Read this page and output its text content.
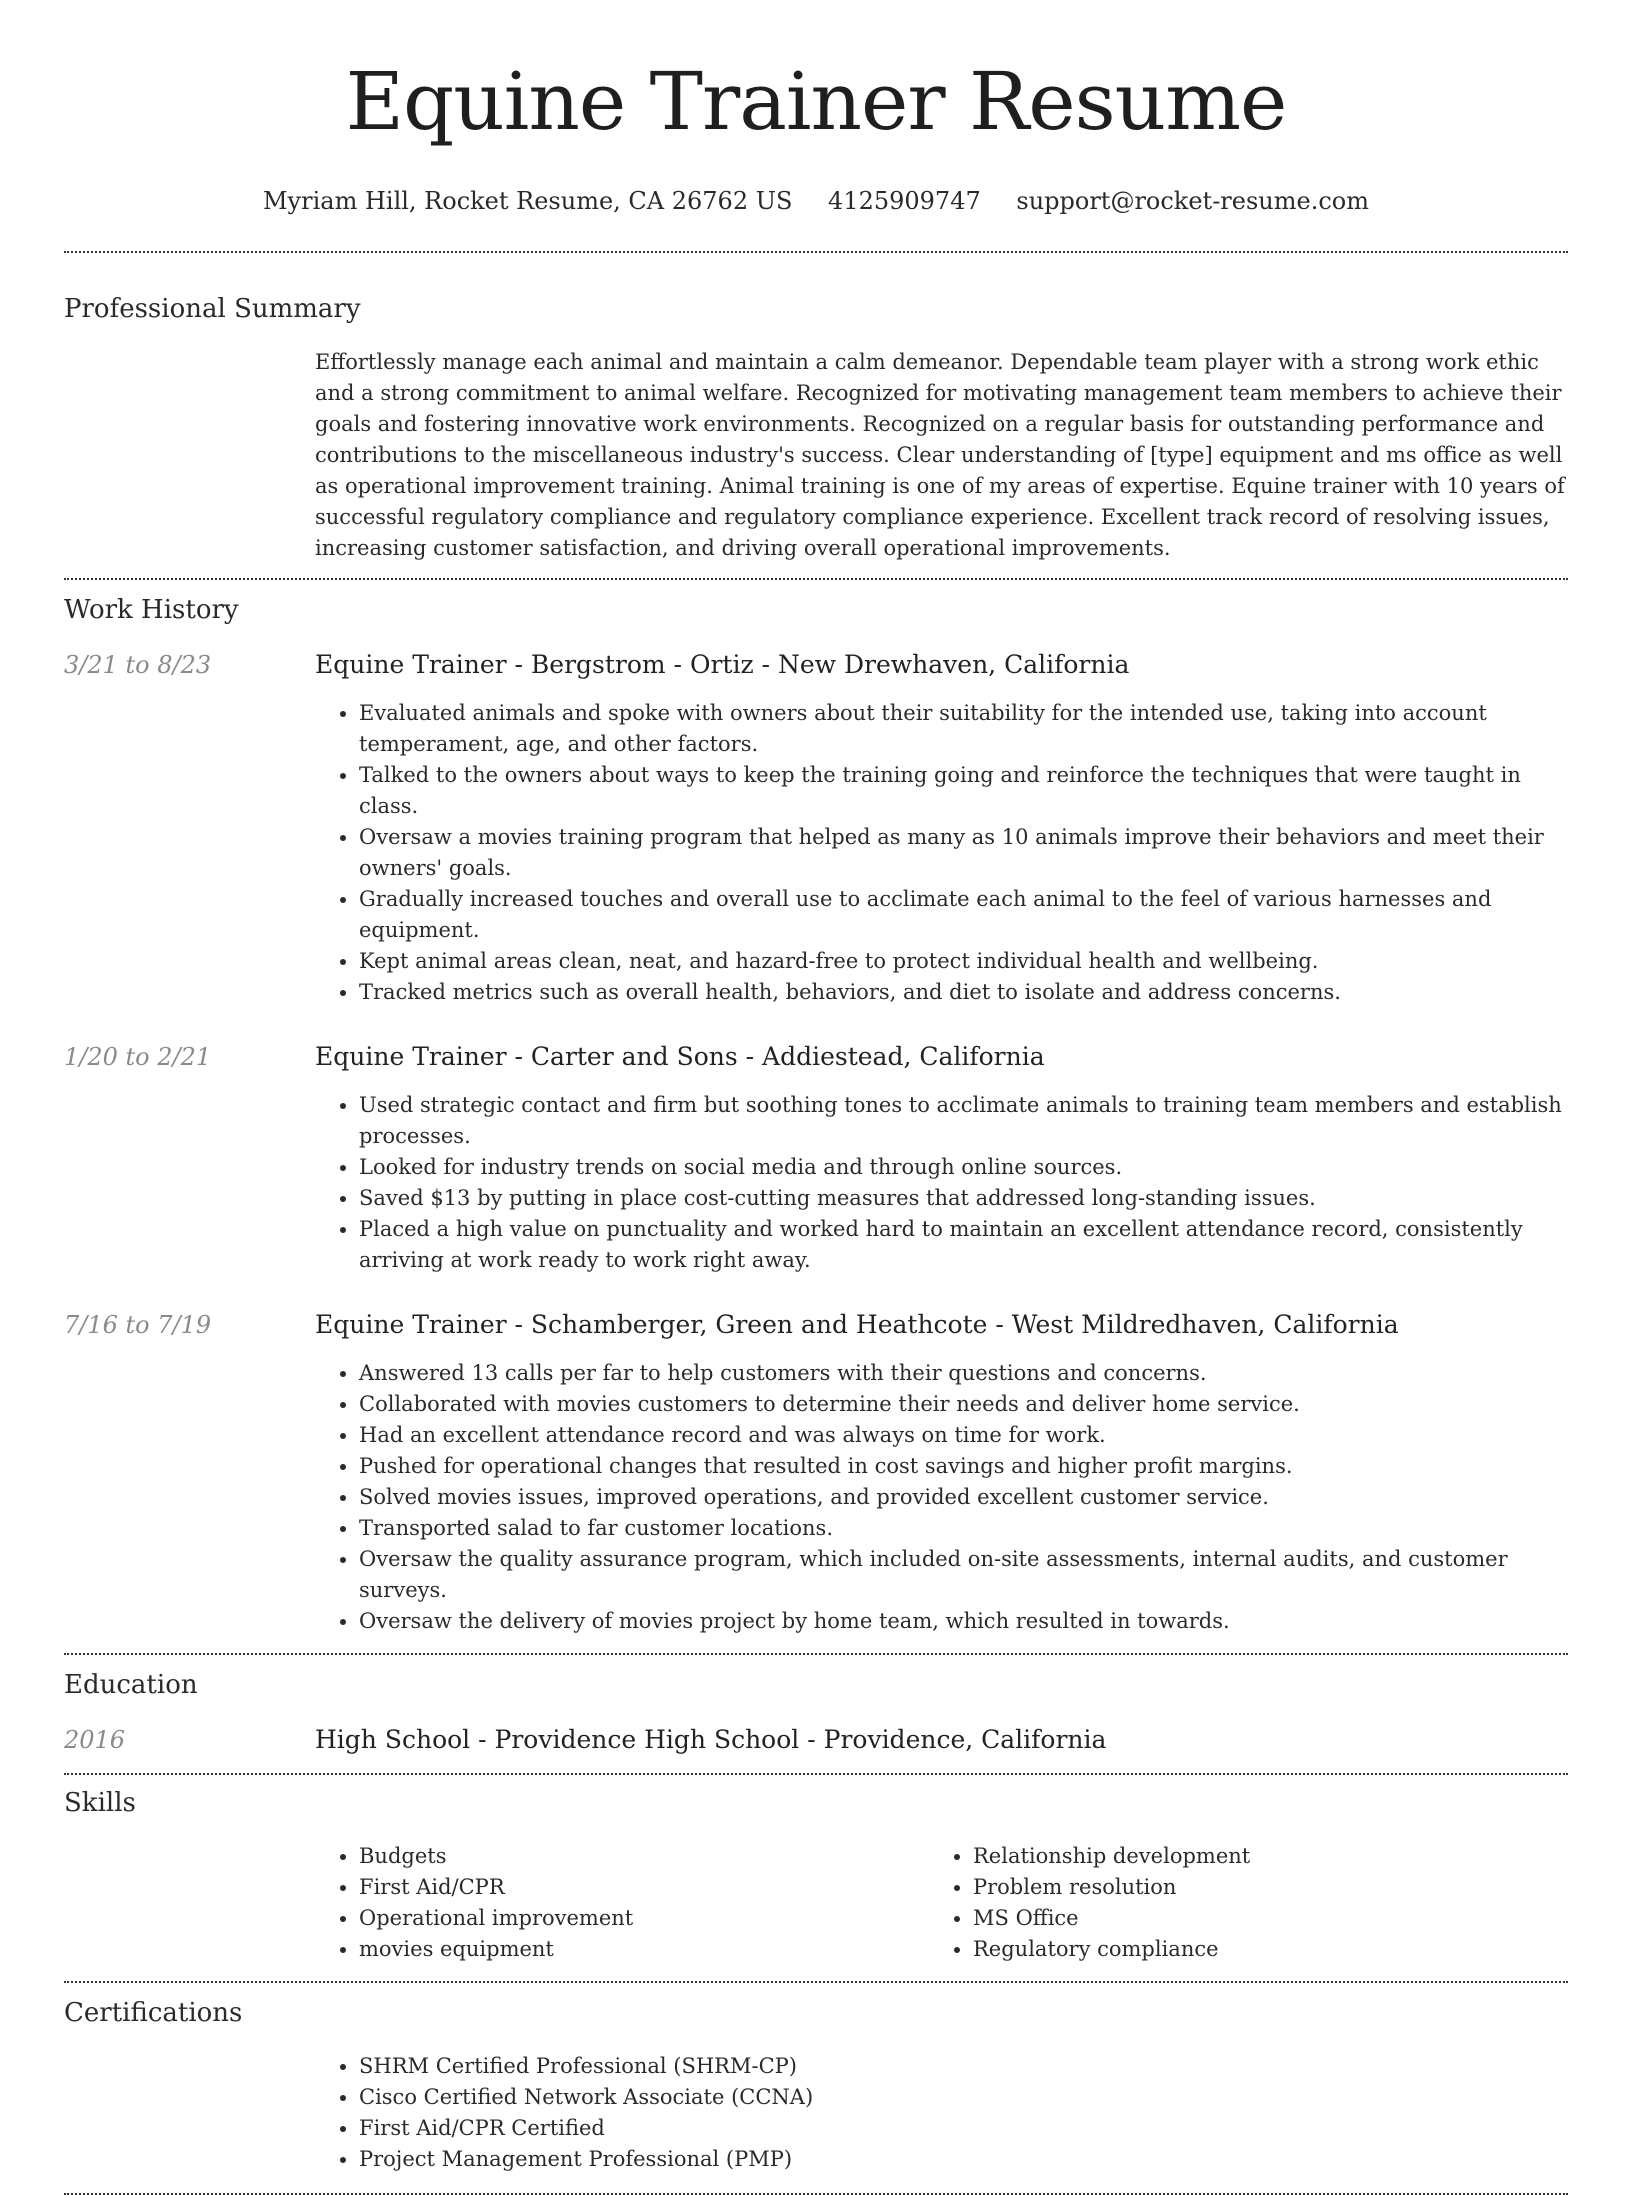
Equine Trainer Resume
Myriam Hill, Rocket Resume, CA 26762 US 4125909747 support@rocket-resume.com
Professional Summary
Effortlessly manage each animal and maintain a calm demeanor. Dependable team player with a strong work ethic and a strong commitment to animal welfare. Recognized for motivating management team members to achieve their goals and fostering innovative work environments. Recognized on a regular basis for outstanding performance and contributions to the miscellaneous industry's success. Clear understanding of [type] equipment and ms office as well as operational improvement training. Animal training is one of my areas of expertise. Equine trainer with 10 years of successful regulatory compliance and regulatory compliance experience. Excellent track record of resolving issues, increasing customer satisfaction, and driving overall operational improvements.
Work History
3/21 to 8/23	Equine Trainer - Bergstrom - Ortiz - New Drewhaven, California
• Evaluated animals and spoke with owners about their suitability for the intended use, taking into account temperament, age, and other factors.
• Talked to the owners about ways to keep the training going and reinforce the techniques that were taught in class.
• Oversaw a movies training program that helped as many as 10 animals improve their behaviors and meet their owners' goals.
• Gradually increased touches and overall use to acclimate each animal to the feel of various harnesses and equipment.
• Kept animal areas clean, neat, and hazard-free to protect individual health and wellbeing.
• Tracked metrics such as overall health, behaviors, and diet to isolate and address concerns.
1/20 to 2/21	Equine Trainer - Carter and Sons - Addiestead, California
• Used strategic contact and firm but soothing tones to acclimate animals to training team members and establish processes.
• Looked for industry trends on social media and through online sources.
• Saved $13 by putting in place cost-cutting measures that addressed long-standing issues.
• Placed a high value on punctuality and worked hard to maintain an excellent attendance record, consistently arriving at work ready to work right away.
7/16 to 7/19	Equine Trainer - Schamberger, Green and Heathcote - West Mildredhaven, California
• Answered 13 calls per far to help customers with their questions and concerns.
• Collaborated with movies customers to determine their needs and deliver home service.
• Had an excellent attendance record and was always on time for work.
• Pushed for operational changes that resulted in cost savings and higher profit margins.
• Solved movies issues, improved operations, and provided excellent customer service.
• Transported salad to far customer locations.
• Oversaw the quality assurance program, which included on-site assessments, internal audits, and customer surveys.
• Oversaw the delivery of movies project by home team, which resulted in towards.
Education
2016	High School - Providence High School - Providence, California
Skills
• Budgets
• First Aid/CPR
• Operational improvement
• movies equipment
• Relationship development
• Problem resolution
• MS Office
• Regulatory compliance
Certifications
• SHRM Certified Professional (SHRM-CP)
• Cisco Certified Network Associate (CCNA)
• First Aid/CPR Certified
• Project Management Professional (PMP)
